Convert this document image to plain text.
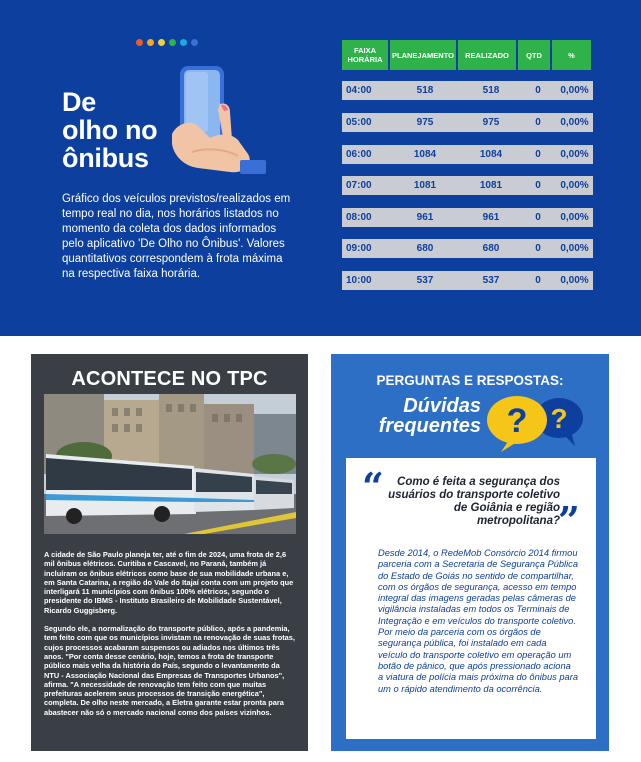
De
olho no
ônibus

Gráfico dos veículos previstos/realizados em tempo real no dia, nos horários listados no momento da coleta dos dados informados pelo aplicativo 'De Olho no Ônibus'. Valores quantitativos correspondem à frota máxima na respectiva faixa horária.

FAIXA HORÁRIA	PLANEJAMENTO	REALIZADO	QTD	%
04:00	518	518	0	0,00%
05:00	975	975	0	0,00%
06:00	1084	1084	0	0,00%
07:00	1081	1081	0	0,00%
08:00	961	961	0	0,00%
09:00	680	680	0	0,00%
10:00	537	537	0	0,00%
ACONTECE NO TPC

A cidade de São Paulo planeja ter, até o fim de 2024, uma frota de 2,6 mil ônibus elétricos. Curitiba e Cascavel, no Paraná, também já incluíram os ônibus elétricos como base de sua mobilidade urbana e, em Santa Catarina, a região do Vale do Itajaí conta com um projeto que interligará 11 municípios com ônibus 100% elétricos, segundo o presidente do IBMS - Instituto Brasileiro de Mobilidade Sustentável, Ricardo Guggisberg.

Segundo ele, a normalização do transporte público, após a pandemia, tem feito com que os municípios invistam na renovação de suas frotas, cujos processos acabaram suspensos ou adiados nos últimos três anos. "Por conta desse cenário, hoje, temos a frota de transporte público mais velha da história do País, segundo o levantamento da NTU - Associação Nacional das Empresas de Transportes Urbanos", afirma. "A necessidade de renovação tem feito com que muitas prefeituras acelerem seus processos de transição energética", completa. De olho neste mercado, a Eletra garante estar pronta para abastecer não só o mercado nacional como dos países vizinhos.

PERGUNTAS E RESPOSTAS:
Dúvidas
frequentes ?
?
“	Como é feita a segurança dos usuários do transporte coletivo de Goiânia e região metropolitana?

”

Desde 2014, o RedeMob Consórcio 2014 firmou parceria com a Secretaria de Segurança Pública do Estado de Goiás no sentido de compartilhar, com os órgãos de segurança, acesso em tempo integral das imagens geradas pelas câmeras de vigilância instaladas em todos os Terminais de Integração e em veículos do transporte coletivo. Por meio da parceria com os órgãos de segurança pública, foi instalado em cada veículo do transporte coletivo em operação um botão de pânico, que após pressionado aciona a viatura de polícia mais próxima do ônibus para um o rápido atendimento da ocorrência.
